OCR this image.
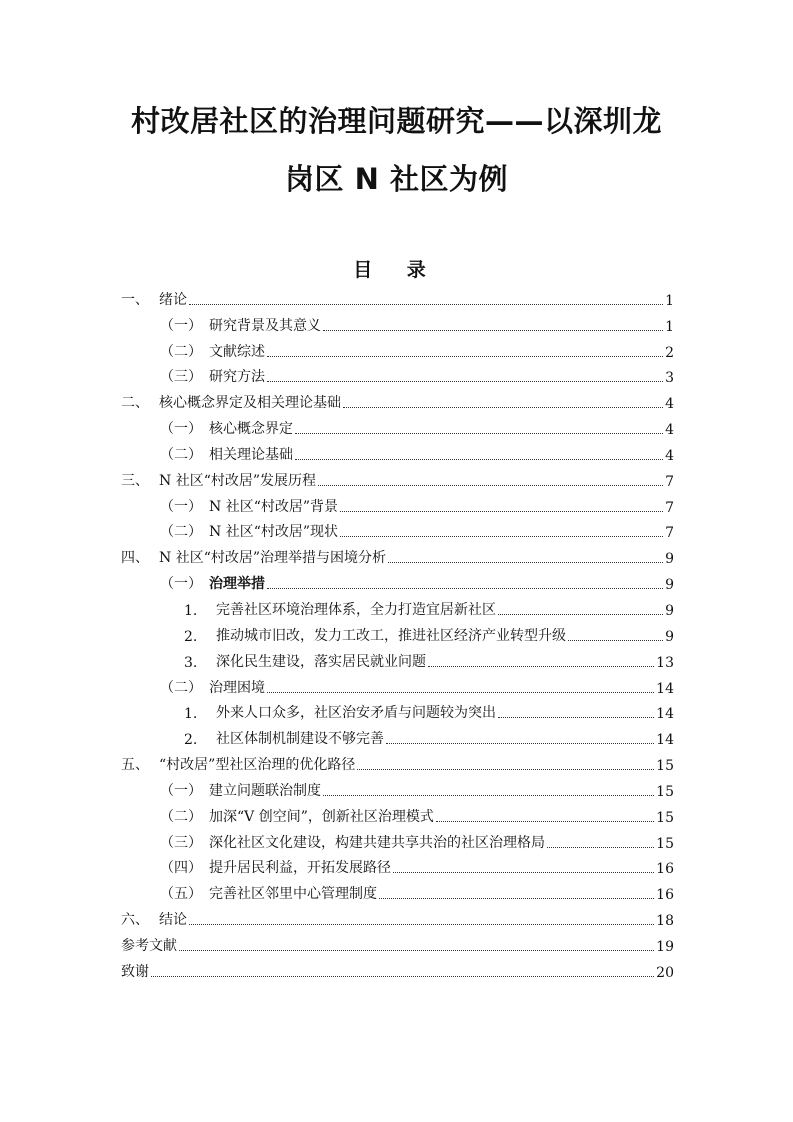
村改居社区的治理问题研究——以深圳龙
岗区 N 社区为例
目 录
一、 绪论	1
（一） 研究背景及其意义	1
（二） 文献综述	2
（三） 研究方法	3
二、 核心概念界定及相关理论基础	4
（一） 核心概念界定	4
（二） 相关理论基础	4
三、 N 社区“村改居”发展历程	7
（一） N 社区“村改居”背景	7
（二） N 社区“村改居”现状	7
四、 N 社区“村改居”治理举措与困境分析	9
（一） 治理举措	9
1.	完善社区环境治理体系，全力打造宜居新社区	9
2.	推动城市旧改，发力工改工，推进社区经济产业转型升级	9
3.	深化民生建设，落实居民就业问题	13
（二） 治理困境	14
1.	外来人口众多，社区治安矛盾与问题较为突出	14
2.	社区体制机制建设不够完善	14
五、 “村改居”型社区治理的优化路径	15
（一） 建立问题联治制度	15
（二） 加深“V 创空间”，创新社区治理模式	15
（三） 深化社区文化建设，构建共建共享共治的社区治理格局	15
（四） 提升居民利益，开拓发展路径	16
（五） 完善社区邻里中心管理制度	16
六、 结论	18
参考文献	19
致谢	20
